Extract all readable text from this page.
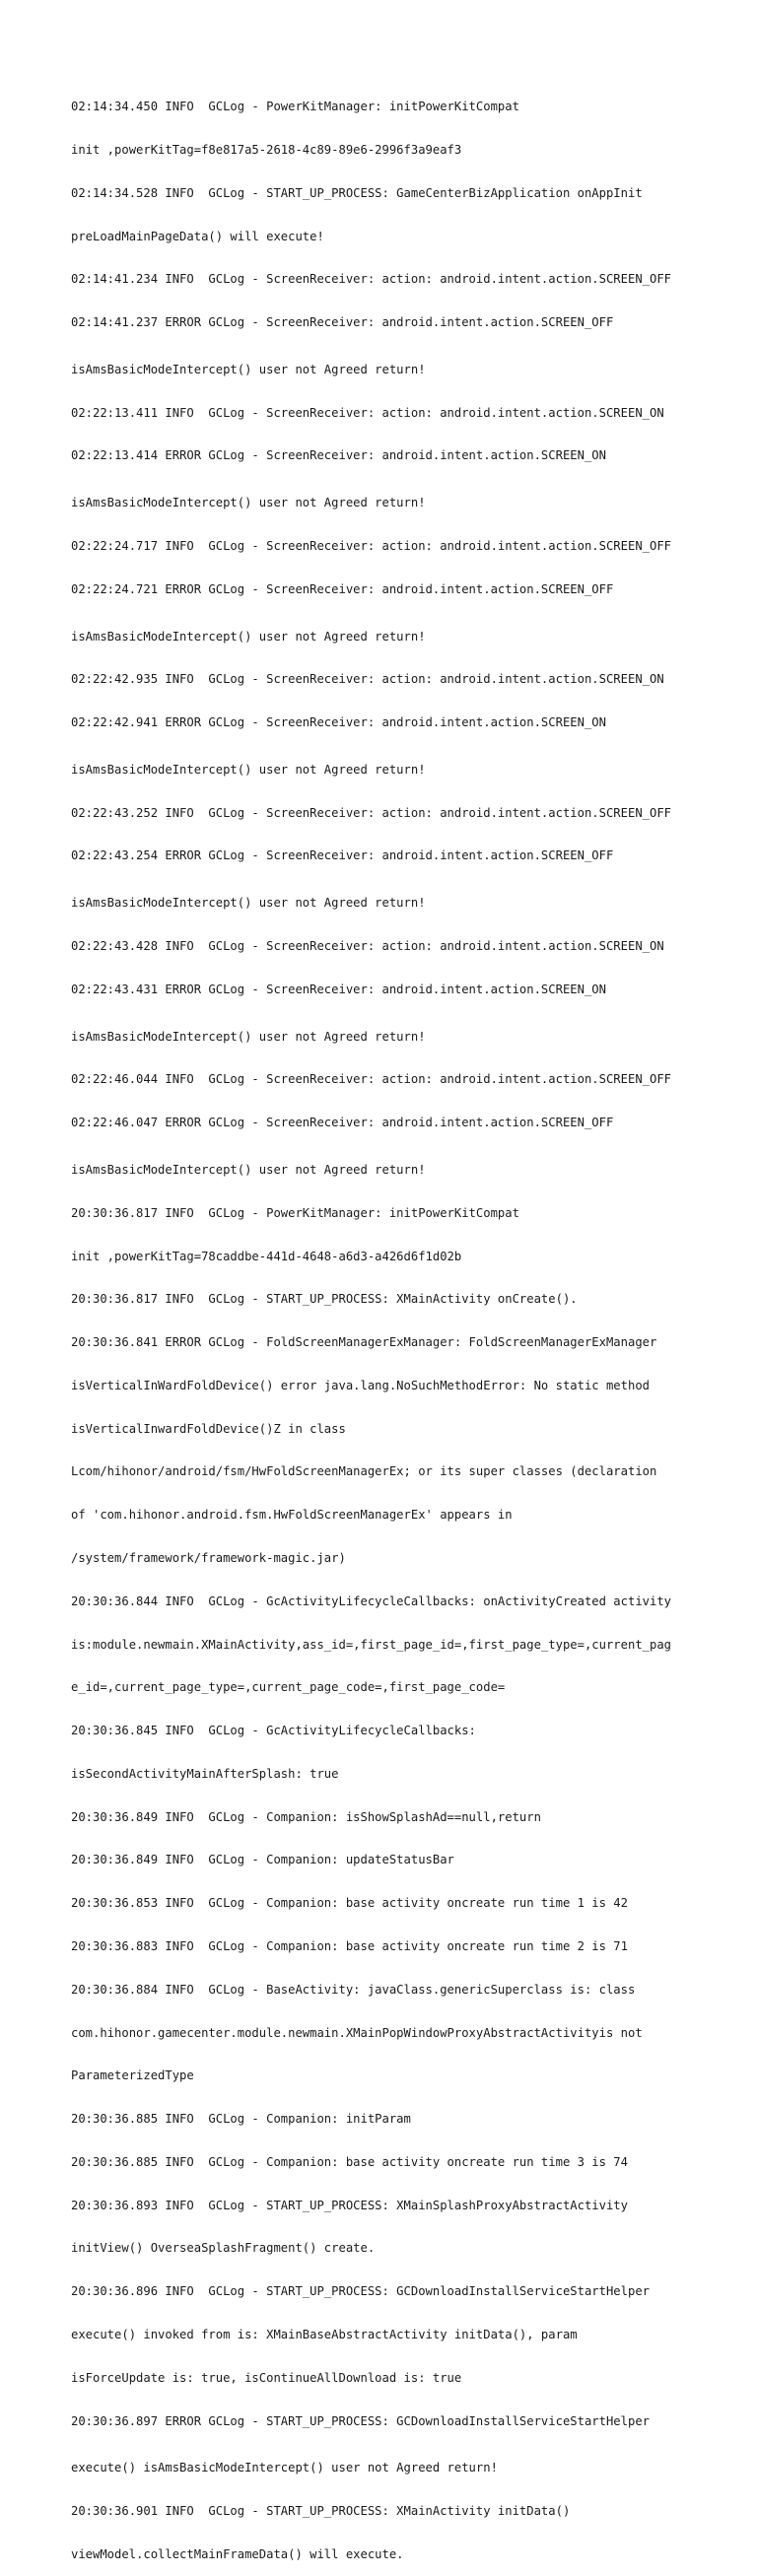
02:14:34.450 INFO  GCLog - PowerKitManager: initPowerKitCompat

init ,powerKitTag=f8e817a5-2618-4c89-89e6-2996f3a9eaf3

02:14:34.528 INFO  GCLog - START_UP_PROCESS: GameCenterBizApplication onAppInit

preLoadMainPageData() will execute!

02:14:41.234 INFO  GCLog - ScreenReceiver: action: android.intent.action.SCREEN_OFF

02:14:41.237 ERROR GCLog - ScreenReceiver: android.intent.action.SCREEN_OFF

isAmsBasicModeIntercept() user not Agreed return!

02:22:13.411 INFO  GCLog - ScreenReceiver: action: android.intent.action.SCREEN_ON

02:22:13.414 ERROR GCLog - ScreenReceiver: android.intent.action.SCREEN_ON

isAmsBasicModeIntercept() user not Agreed return!

02:22:24.717 INFO  GCLog - ScreenReceiver: action: android.intent.action.SCREEN_OFF

02:22:24.721 ERROR GCLog - ScreenReceiver: android.intent.action.SCREEN_OFF

isAmsBasicModeIntercept() user not Agreed return!

02:22:42.935 INFO  GCLog - ScreenReceiver: action: android.intent.action.SCREEN_ON

02:22:42.941 ERROR GCLog - ScreenReceiver: android.intent.action.SCREEN_ON

isAmsBasicModeIntercept() user not Agreed return!

02:22:43.252 INFO  GCLog - ScreenReceiver: action: android.intent.action.SCREEN_OFF

02:22:43.254 ERROR GCLog - ScreenReceiver: android.intent.action.SCREEN_OFF

isAmsBasicModeIntercept() user not Agreed return!

02:22:43.428 INFO  GCLog - ScreenReceiver: action: android.intent.action.SCREEN_ON

02:22:43.431 ERROR GCLog - ScreenReceiver: android.intent.action.SCREEN_ON

isAmsBasicModeIntercept() user not Agreed return!

02:22:46.044 INFO  GCLog - ScreenReceiver: action: android.intent.action.SCREEN_OFF

02:22:46.047 ERROR GCLog - ScreenReceiver: android.intent.action.SCREEN_OFF

isAmsBasicModeIntercept() user not Agreed return!

20:30:36.817 INFO  GCLog - PowerKitManager: initPowerKitCompat

init ,powerKitTag=78caddbe-441d-4648-a6d3-a426d6f1d02b

20:30:36.817 INFO  GCLog - START_UP_PROCESS: XMainActivity onCreate().

20:30:36.841 ERROR GCLog - FoldScreenManagerExManager: FoldScreenManagerExManager

isVerticalInWardFoldDevice() error java.lang.NoSuchMethodError: No static method

isVerticalInwardFoldDevice()Z in class

Lcom/hihonor/android/fsm/HwFoldScreenManagerEx; or its super classes (declaration

of 'com.hihonor.android.fsm.HwFoldScreenManagerEx' appears in

/system/framework/framework-magic.jar)

20:30:36.844 INFO  GCLog - GcActivityLifecycleCallbacks: onActivityCreated activity

is:module.newmain.XMainActivity,ass_id=,first_page_id=,first_page_type=,current_pag

e_id=,current_page_type=,current_page_code=,first_page_code=

20:30:36.845 INFO  GCLog - GcActivityLifecycleCallbacks:

isSecondActivityMainAfterSplash: true

20:30:36.849 INFO  GCLog - Companion: isShowSplashAd==null,return

20:30:36.849 INFO  GCLog - Companion: updateStatusBar

20:30:36.853 INFO  GCLog - Companion: base activity oncreate run time 1 is 42

20:30:36.883 INFO  GCLog - Companion: base activity oncreate run time 2 is 71

20:30:36.884 INFO  GCLog - BaseActivity: javaClass.genericSuperclass is: class

com.hihonor.gamecenter.module.newmain.XMainPopWindowProxyAbstractActivityis not

ParameterizedType

20:30:36.885 INFO  GCLog - Companion: initParam

20:30:36.885 INFO  GCLog - Companion: base activity oncreate run time 3 is 74

20:30:36.893 INFO  GCLog - START_UP_PROCESS: XMainSplashProxyAbstractActivity

initView() OverseaSplashFragment() create.

20:30:36.896 INFO  GCLog - START_UP_PROCESS: GCDownloadInstallServiceStartHelper

execute() invoked from is: XMainBaseAbstractActivity initData(), param

isForceUpdate is: true, isContinueAllDownload is: true

20:30:36.897 ERROR GCLog - START_UP_PROCESS: GCDownloadInstallServiceStartHelper

execute() isAmsBasicModeIntercept() user not Agreed return!

20:30:36.901 INFO  GCLog - START_UP_PROCESS: XMainActivity initData()

viewModel.collectMainFrameData() will execute.
